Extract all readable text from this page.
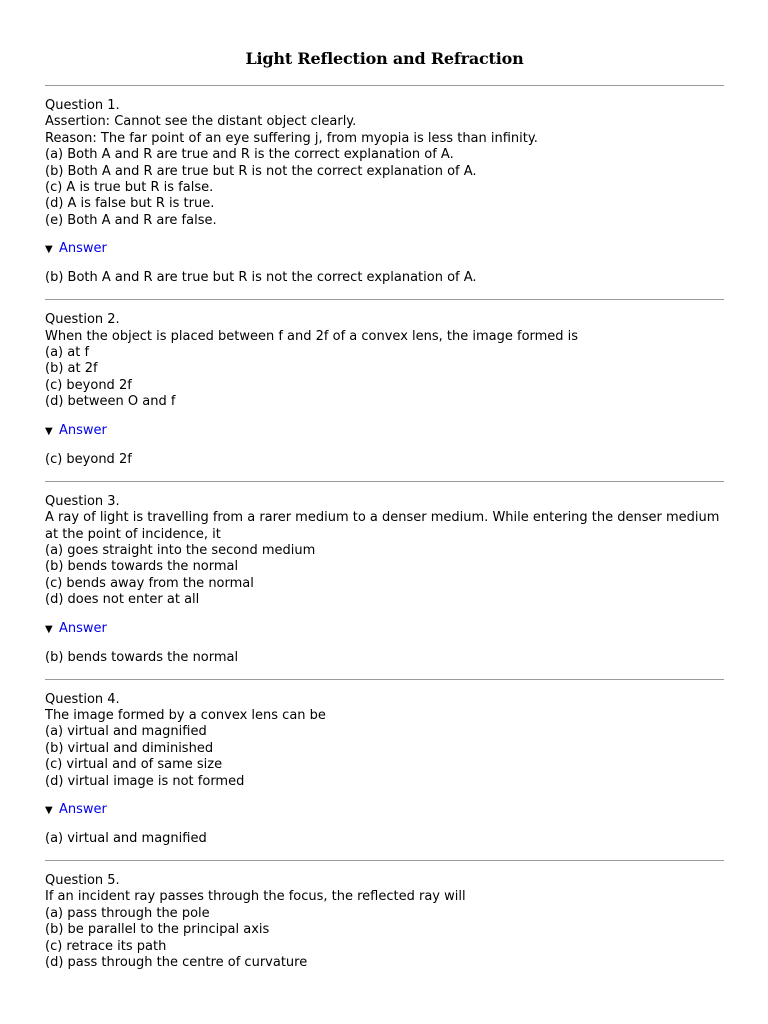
Light Reflection and Refraction
Question 1.
Assertion: Cannot see the distant object clearly.
Reason: The far point of an eye suffering j, from myopia is less than infinity.
(a) Both A and R are true and R is the correct explanation of A.
(b) Both A and R are true but R is not the correct explanation of A.
(c) A is true but R is false.
(d) A is false but R is true.
(e) Both A and R are false.
▼ Answer
(b) Both A and R are true but R is not the correct explanation of A.
Question 2.
When the object is placed between f and 2f of a convex lens, the image formed is
(a) at f
(b) at 2f
(c) beyond 2f
(d) between O and f
▼ Answer
(c) beyond 2f
Question 3.
A ray of light is travelling from a rarer medium to a denser medium. While entering the denser medium at the point of incidence, it
(a) goes straight into the second medium
(b) bends towards the normal
(c) bends away from the normal
(d) does not enter at all
▼ Answer
(b) bends towards the normal
Question 4.
The image formed by a convex lens can be
(a) virtual and magnified
(b) virtual and diminished
(c) virtual and of same size
(d) virtual image is not formed
▼ Answer
(a) virtual and magnified
Question 5.
If an incident ray passes through the focus, the reflected ray will
(a) pass through the pole
(b) be parallel to the principal axis
(c) retrace its path
(d) pass through the centre of curvature
